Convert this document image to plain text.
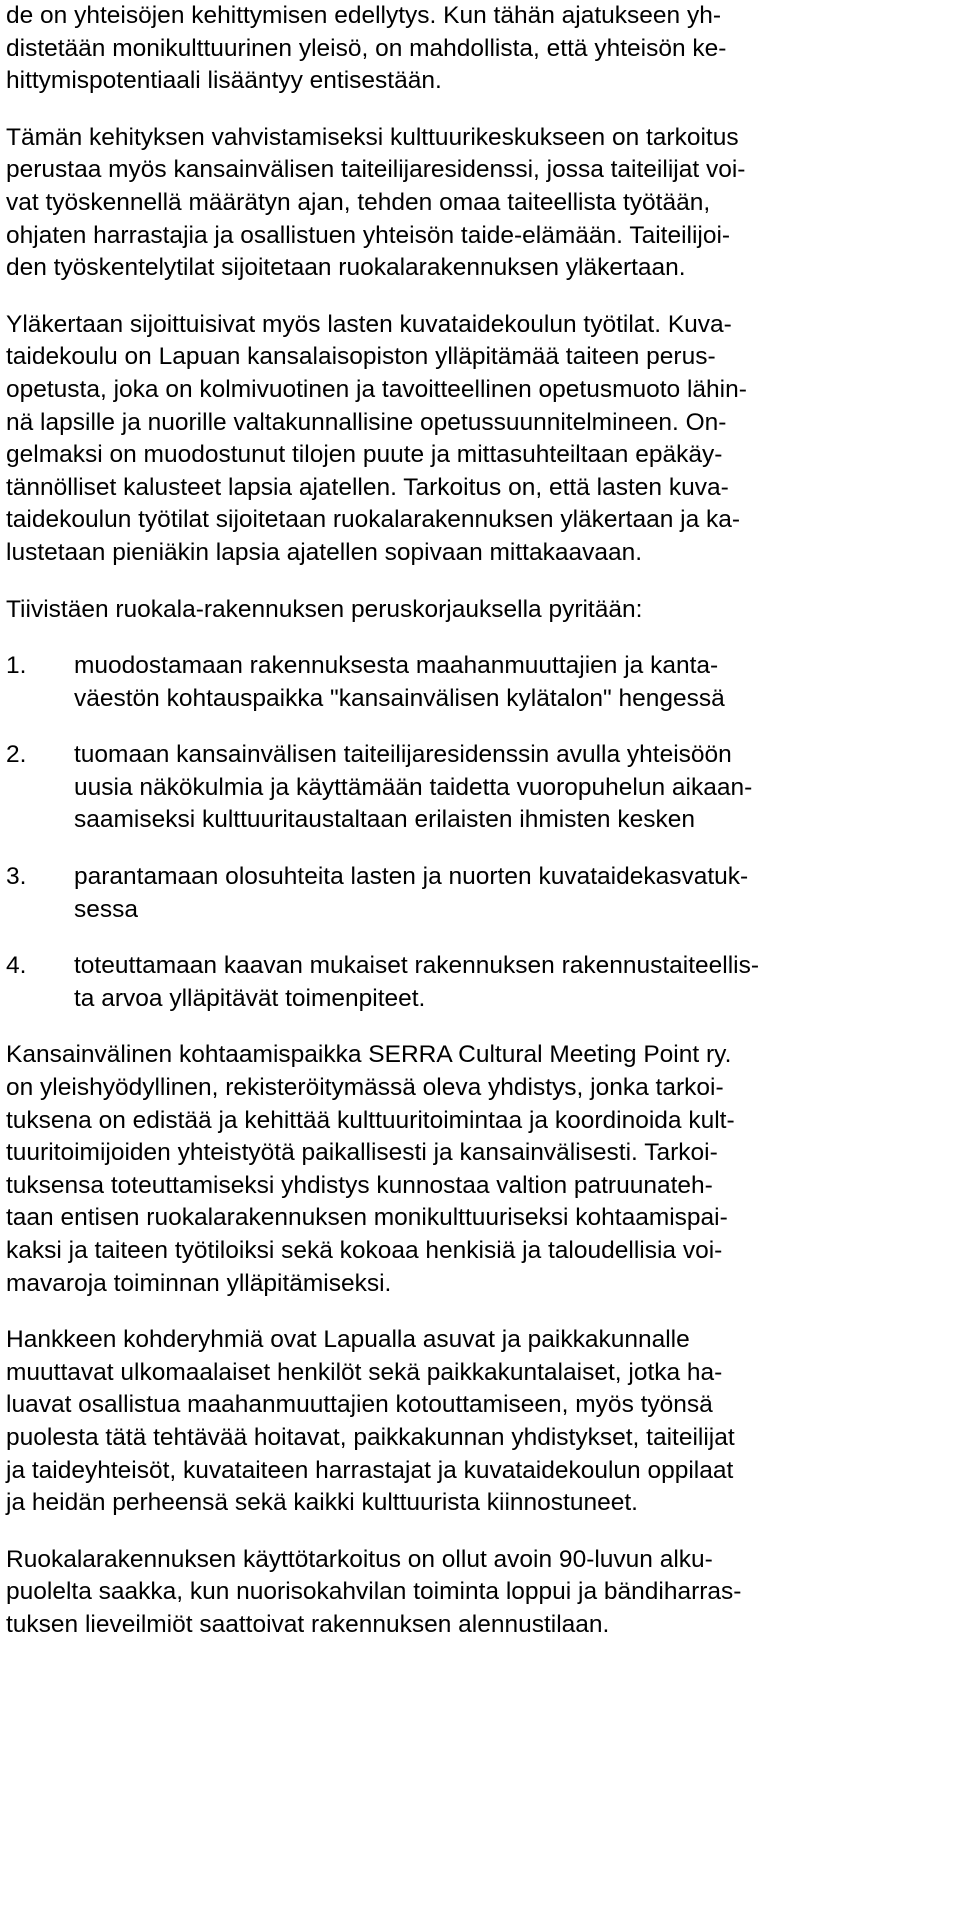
de on yhteisöjen kehittymisen edellytys. Kun tähän ajatukseen yh-
distetään monikulttuurinen yleisö, on mahdollista, että yhteisön ke-
hittymispotentiaali lisääntyy entisestään.
Tämän kehityksen vahvistamiseksi kulttuurikeskukseen on tarkoitus
perustaa myös kansainvälisen taiteilijaresidenssi, jossa taiteilijat voi-
vat työskennellä määrätyn ajan, tehden omaa taiteellista työtään,
ohjaten harrastajia ja osallistuen yhteisön taide-elämään. Taiteilijoi-
den työskentelytilat sijoitetaan ruokalarakennuksen yläkertaan.
Yläkertaan sijoittuisivat myös lasten kuvataidekoulun työtilat. Kuva-
taidekoulu on Lapuan kansalaisopiston ylläpitämää taiteen perus-
opetusta, joka on kolmivuotinen ja tavoitteellinen opetusmuoto lähin-
nä lapsille ja nuorille valtakunnallisine opetussuunnitelmineen. On-
gelmaksi on muodostunut tilojen puute ja mittasuhteiltaan epäkäy-
tännölliset kalusteet lapsia ajatellen. Tarkoitus on, että lasten kuva-
taidekoulun työtilat sijoitetaan ruokalarakennuksen yläkertaan ja ka-
lustetaan pieniäkin lapsia ajatellen sopivaan mittakaavaan.
Tiivistäen ruokala-rakennuksen peruskorjauksella pyritään:
1. muodostamaan rakennuksesta maahanmuuttajien ja kanta-
väestön kohtauspaikka "kansainvälisen kylätalon" hengessä
2. tuomaan kansainvälisen taiteilijaresidenssin avulla yhteisöön
uusia näkökulmia ja käyttämään taidetta vuoropuhelun aikaan-
saamiseksi kulttuuritaustaltaan erilaisten ihmisten kesken
3. parantamaan olosuhteita lasten ja nuorten kuvataidekasvatuk-
sessa
4. toteuttamaan kaavan mukaiset rakennuksen rakennustaiteellis-
ta arvoa ylläpitävät toimenpiteet.
Kansainvälinen kohtaamispaikka SERRA Cultural Meeting Point ry.
on yleishyödyllinen, rekisteröitymässä oleva yhdistys, jonka tarkoi-
tuksena on edistää ja kehittää kulttuuritoimintaa ja koordinoida kult-
tuuritoimijoiden yhteistyötä paikallisesti ja kansainvälisesti. Tarkoi-
tuksensa toteuttamiseksi yhdistys kunnostaa valtion patruunateh-
taan entisen ruokalarakennuksen monikulttuuriseksi kohtaamispai-
kaksi ja taiteen työtiloiksi sekä kokoaa henkisiä ja taloudellisia voi-
mavaroja toiminnan ylläpitämiseksi.
Hankkeen kohderyhmiä ovat Lapualla asuvat ja paikkakunnalle
muuttavat ulkomaalaiset henkilöt sekä paikkakuntalaiset, jotka ha-
luavat osallistua maahanmuuttajien kotouttamiseen, myös työnsä
puolesta tätä tehtävää hoitavat, paikkakunnan yhdistykset, taiteilijat
ja taideyhteisöt, kuvataiteen harrastajat ja kuvataidekoulun oppilaat
ja heidän perheensä sekä kaikki kulttuurista kiinnostuneet.
Ruokalarakennuksen käyttötarkoitus on ollut avoin 90-luvun alku-
puolelta saakka, kun nuorisokahvilan toiminta loppui ja bändiharras-
tuksen lieveilmiöt saattoivat rakennuksen alennustilaan.
